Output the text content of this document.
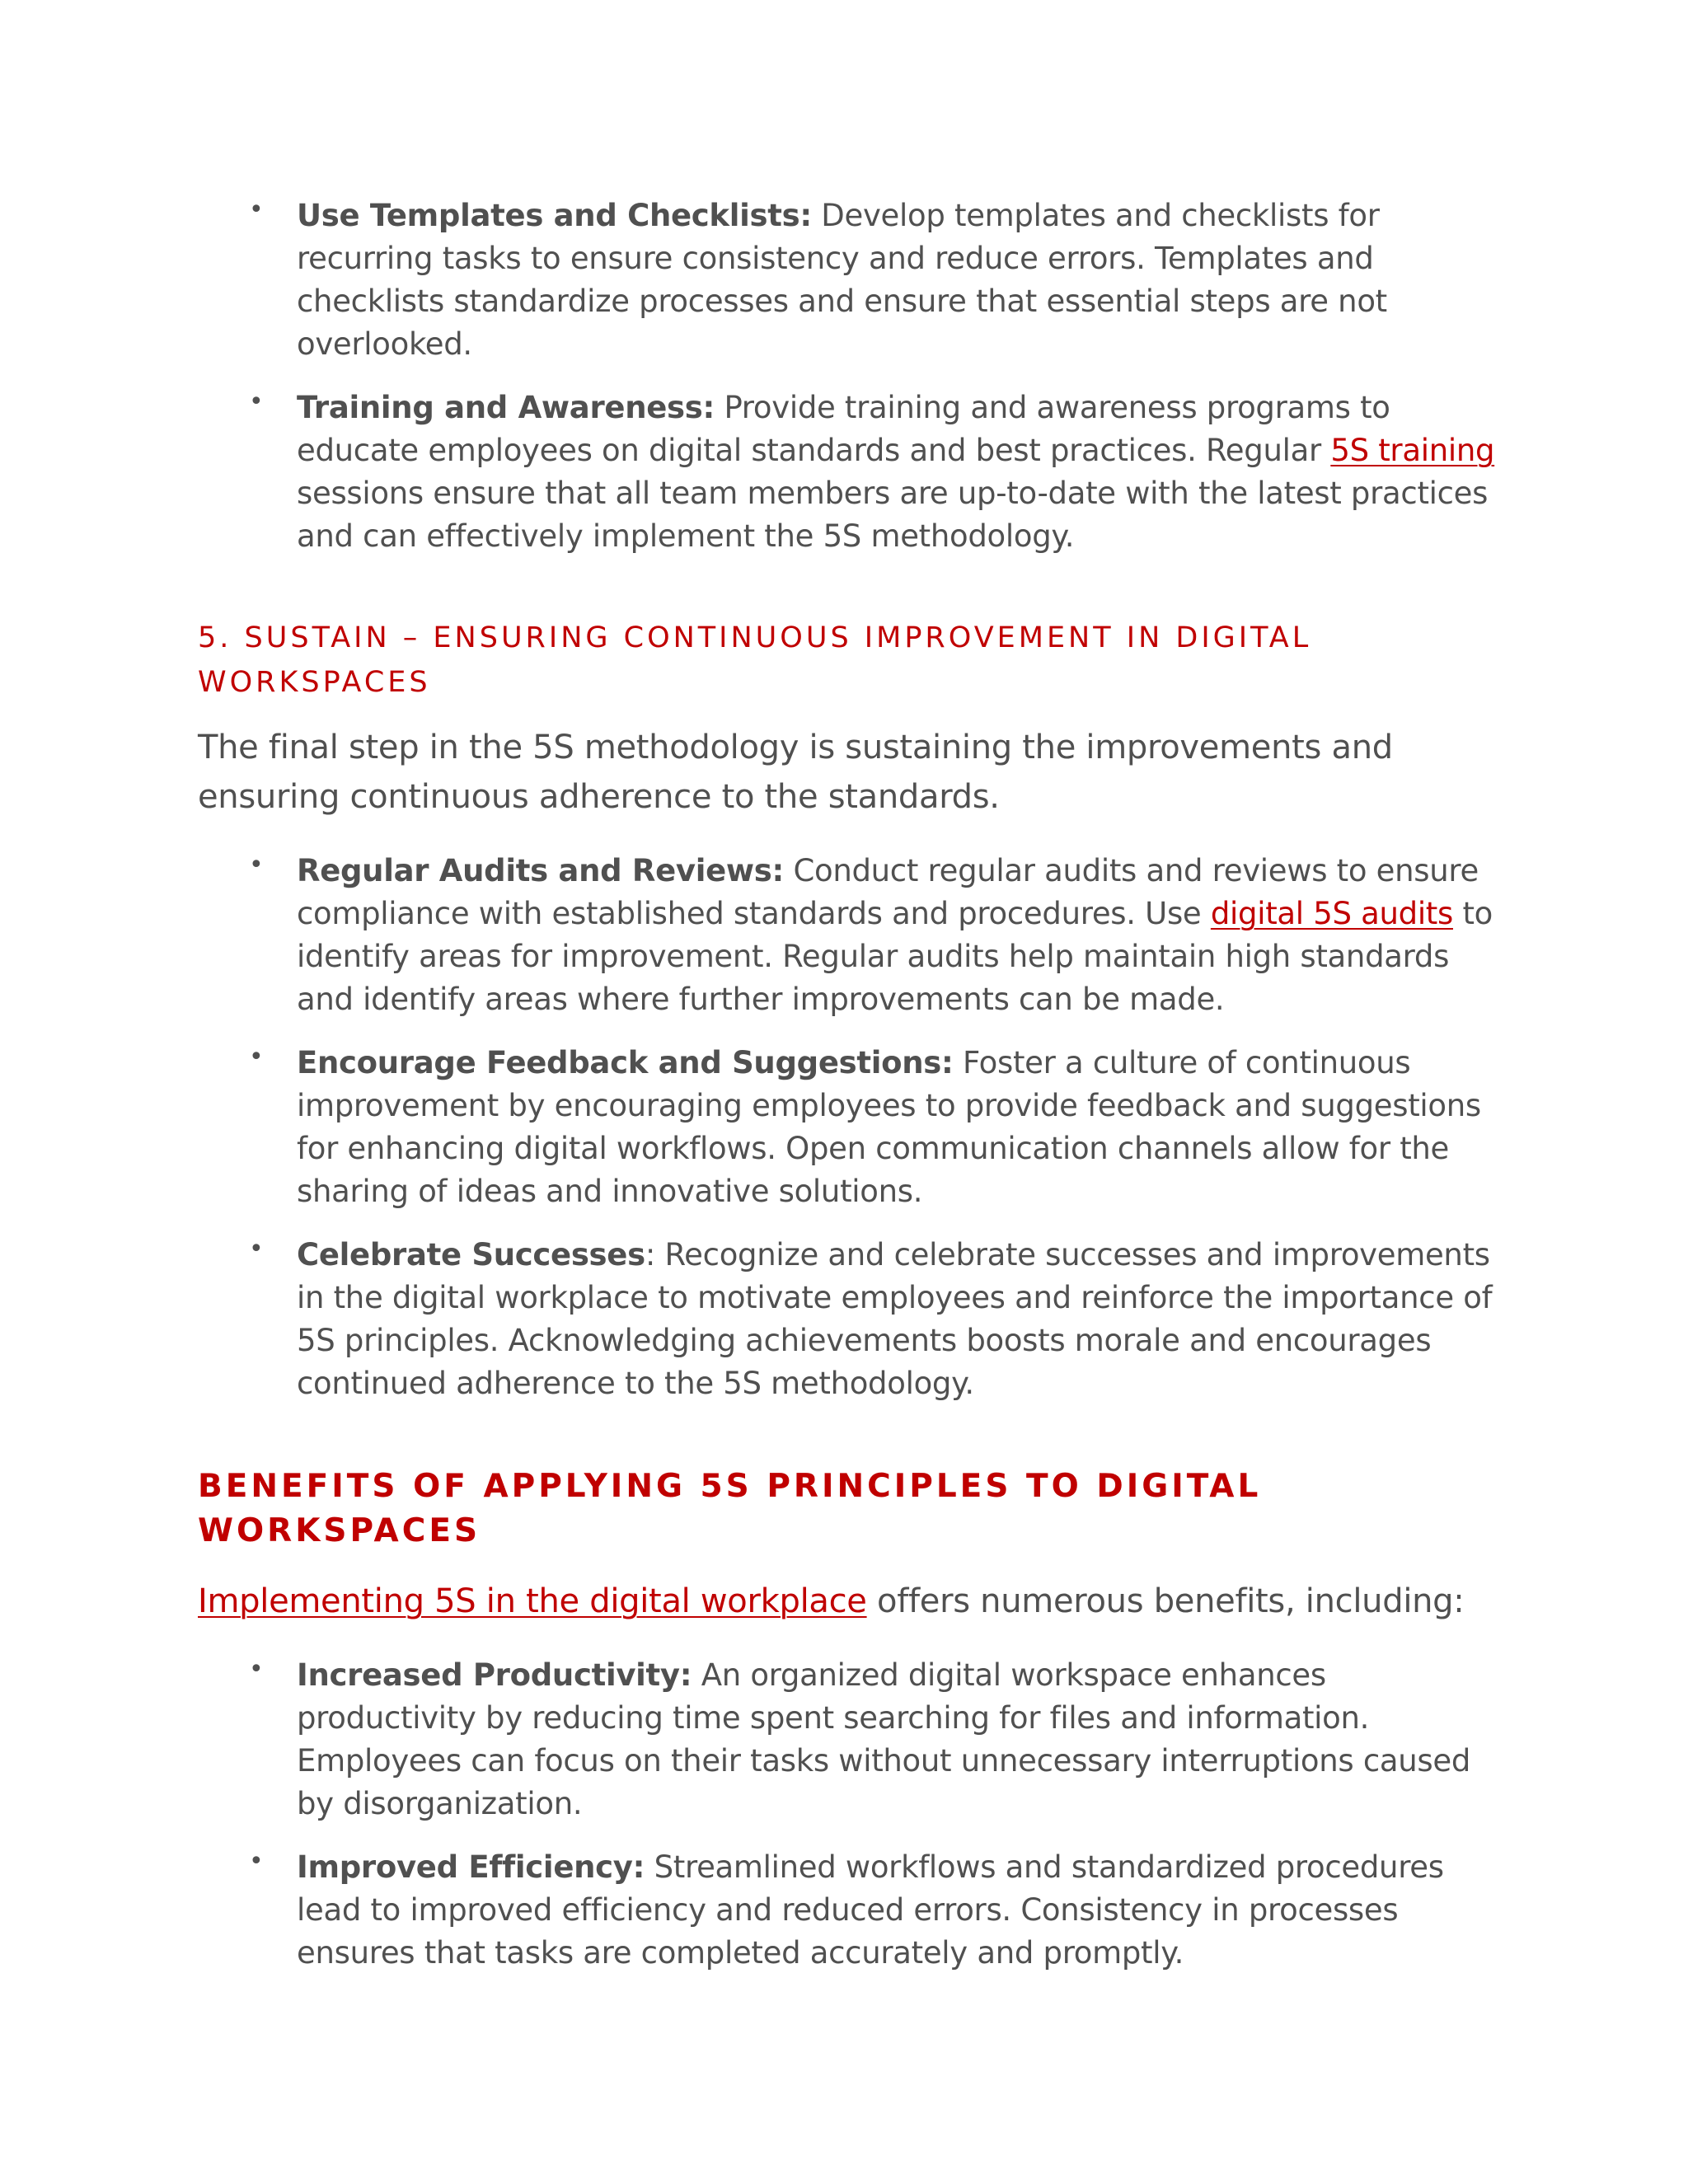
• Use Templates and Checklists: Develop templates and checklists for recurring tasks to ensure consistency and reduce errors. Templates and checklists standardize processes and ensure that essential steps are not overlooked.
• Training and Awareness: Provide training and awareness programs to educate employees on digital standards and best practices. Regular 5S training sessions ensure that all team members are up-to-date with the latest practices and can effectively implement the 5S methodology.
5. SUSTAIN – ENSURING CONTINUOUS IMPROVEMENT IN DIGITAL WORKSPACES

The final step in the 5S methodology is sustaining the improvements and ensuring continuous adherence to the standards.

• Regular Audits and Reviews: Conduct regular audits and reviews to ensure compliance with established standards and procedures. Use digital 5S audits to identify areas for improvement. Regular audits help maintain high standards and identify areas where further improvements can be made.
• Encourage Feedback and Suggestions: Foster a culture of continuous improvement by encouraging employees to provide feedback and suggestions for enhancing digital workflows. Open communication channels allow for the sharing of ideas and innovative solutions.
• Celebrate Successes: Recognize and celebrate successes and improvements in the digital workplace to motivate employees and reinforce the importance of 5S principles. Acknowledging achievements boosts morale and encourages continued adherence to the 5S methodology.
BENEFITS OF APPLYING 5S PRINCIPLES TO DIGITAL WORKSPACES

Implementing 5S in the digital workplace offers numerous benefits, including:

• Increased Productivity: An organized digital workspace enhances productivity by reducing time spent searching for files and information. Employees can focus on their tasks without unnecessary interruptions caused by disorganization.
• Improved Efficiency: Streamlined workflows and standardized procedures lead to improved efficiency and reduced errors. Consistency in processes ensures that tasks are completed accurately and promptly.
